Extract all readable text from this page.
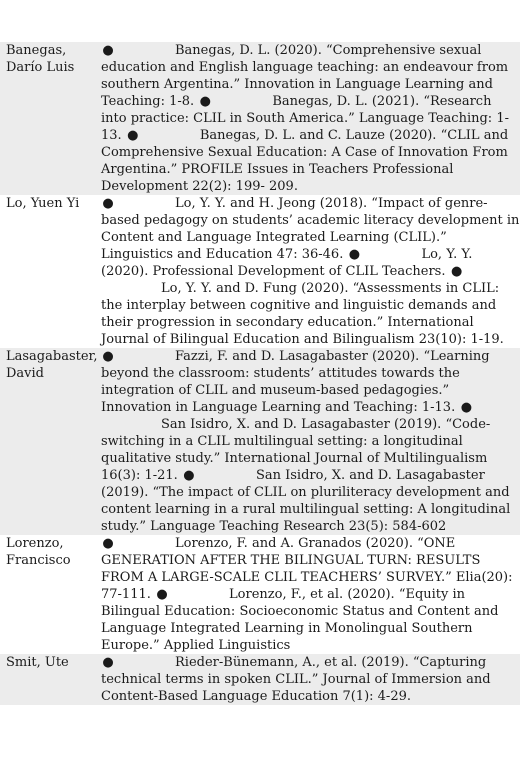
Banegas,
Darío Luis	● Banegas, D. L. (2020). “Comprehensive sexual education and English language teaching: an endeavour from southern Argentina.” Innovation in Language Learning and Teaching: 1-8. ● Banegas, D. L. (2021). “Research into practice: CLIL in South America.” Language Teaching: 1-13. ● Banegas, D. L. and C. Lauze (2020). “CLIL and Comprehensive Sexual Education: A Case of Innovation From Argentina.” PROFILE Issues in Teachers Professional Development 22(2): 199- 209.
Lo, Yuen Yi	● Lo, Y. Y. and H. Jeong (2018). “Impact of genre-based pedagogy on students’ academic literacy development in Content and Language Integrated Learning (CLIL).” Linguistics and Education 47: 36-46. ● Lo, Y. Y. (2020). Professional Development of CLIL Teachers. ●Lo, Y. Y. and D. Fung (2020). “Assessments in CLIL: the interplay between cognitive and linguistic demands and their progression in secondary education.” International Journal of Bilingual Education and Bilingualism 23(10): 1-19.
Lasagabaster,
David	● Fazzi, F. and D. Lasagabaster (2020). “Learning beyond the classroom: students’ attitudes towards the integration of CLIL and museum-based pedagogies.” Innovation in Language Learning and Teaching: 1-13. ●San Isidro, X. and D. Lasagabaster (2019). “Code-switching in a CLIL multilingual setting: a longitudinal qualitative study.” International Journal of Multilingualism 16(3): 1-21. ● San Isidro, X. and D. Lasagabaster (2019). “The impact of CLIL on pluriliteracy development and content learning in a rural multilingual setting: A longitudinal study.” Language Teaching Research 23(5): 584-602
Lorenzo,
Francisco	● Lorenzo, F. and A. Granados (2020). “ONE GENERATION AFTER THE BILINGUAL TURN: RESULTS FROM A LARGE-SCALE CLIL TEACHERS’ SURVEY.” Elia(20): 77-111. ● Lorenzo, F., et al. (2020). “Equity in Bilingual Education: Socioeconomic Status and Content and Language Integrated Learning in Monolingual Southern Europe.” Applied Linguistics
Smit, Ute	● Rieder-Bünemann, A., et al. (2019). “Capturing technical terms in spoken CLIL.” Journal of Immersion and Content-Based Language Education 7(1): 4-29.
